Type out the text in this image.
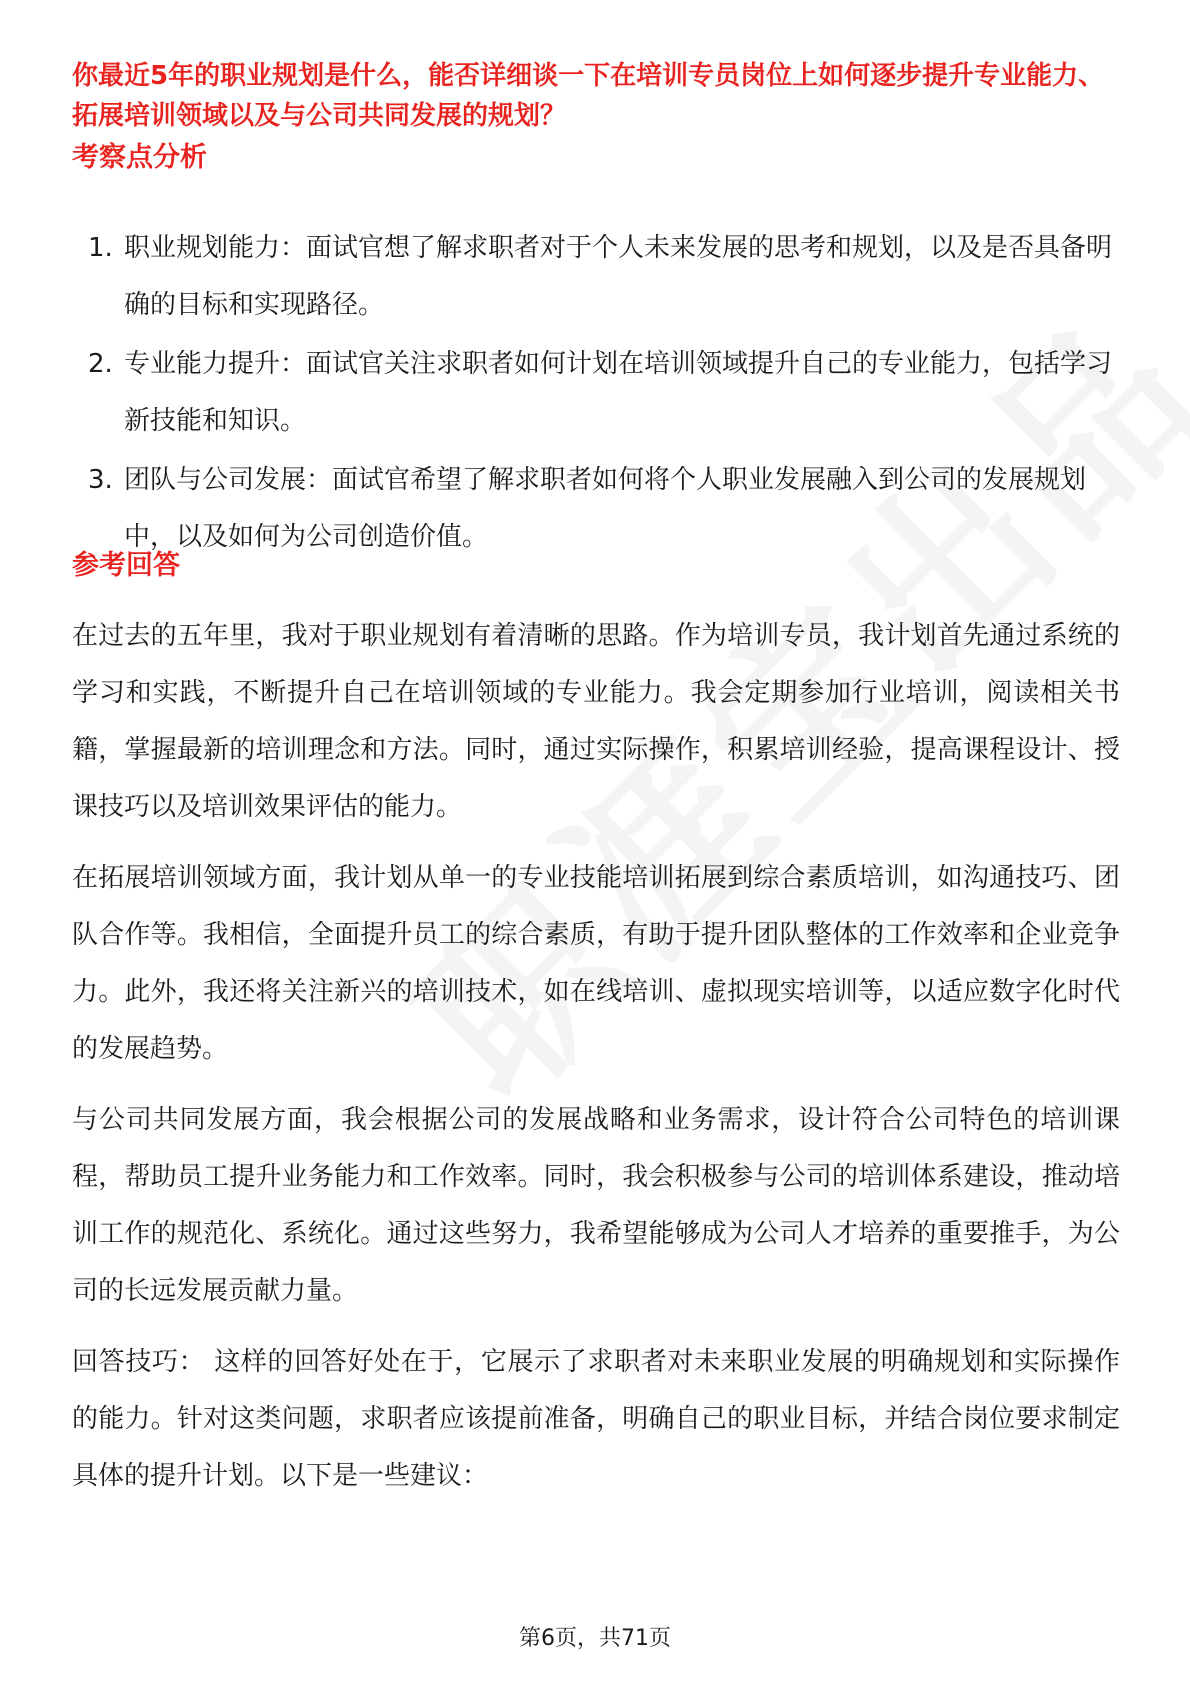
你最近5年的职业规划是什么，能否详细谈一下在培训专员岗位上如何逐步提升专业能力、拓展培训领域以及与公司共同发展的规划？
考察点分析
1. 职业规划能力：面试官想了解求职者对于个人未来发展的思考和规划，以及是否具备明确的目标和实现路径。
2. 专业能力提升：面试官关注求职者如何计划在培训领域提升自己的专业能力，包括学习新技能和知识。
3. 团队与公司发展：面试官希望了解求职者如何将个人职业发展融入到公司的发展规划中，以及如何为公司创造价值。
参考回答

在过去的五年里，我对于职业规划有着清晰的思路。作为培训专员，我计划首先通过系统的学习和实践，不断提升自己在培训领域的专业能力。我会定期参加行业培训，阅读相关书籍，掌握最新的培训理念和方法。同时，通过实际操作，积累培训经验，提高课程设计、授课技巧以及培训效果评估的能力。

在拓展培训领域方面，我计划从单一的专业技能培训拓展到综合素质培训，如沟通技巧、团队合作等。我相信，全面提升员工的综合素质，有助于提升团队整体的工作效率和企业竞争力。此外，我还将关注新兴的培训技术，如在线培训、虚拟现实培训等，以适应数字化时代的发展趋势。

与公司共同发展方面，我会根据公司的发展战略和业务需求，设计符合公司特色的培训课程，帮助员工提升业务能力和工作效率。同时，我会积极参与公司的培训体系建设，推动培训工作的规范化、系统化。通过这些努力，我希望能够成为公司人才培养的重要推手，为公司的长远发展贡献力量。

回答技巧： 这样的回答好处在于，它展示了求职者对未来职业发展的明确规划和实际操作的能力。针对这类问题，求职者应该提前准备，明确自己的职业目标，并结合岗位要求制定具体的提升计划。以下是一些建议：

第6页，共71页
